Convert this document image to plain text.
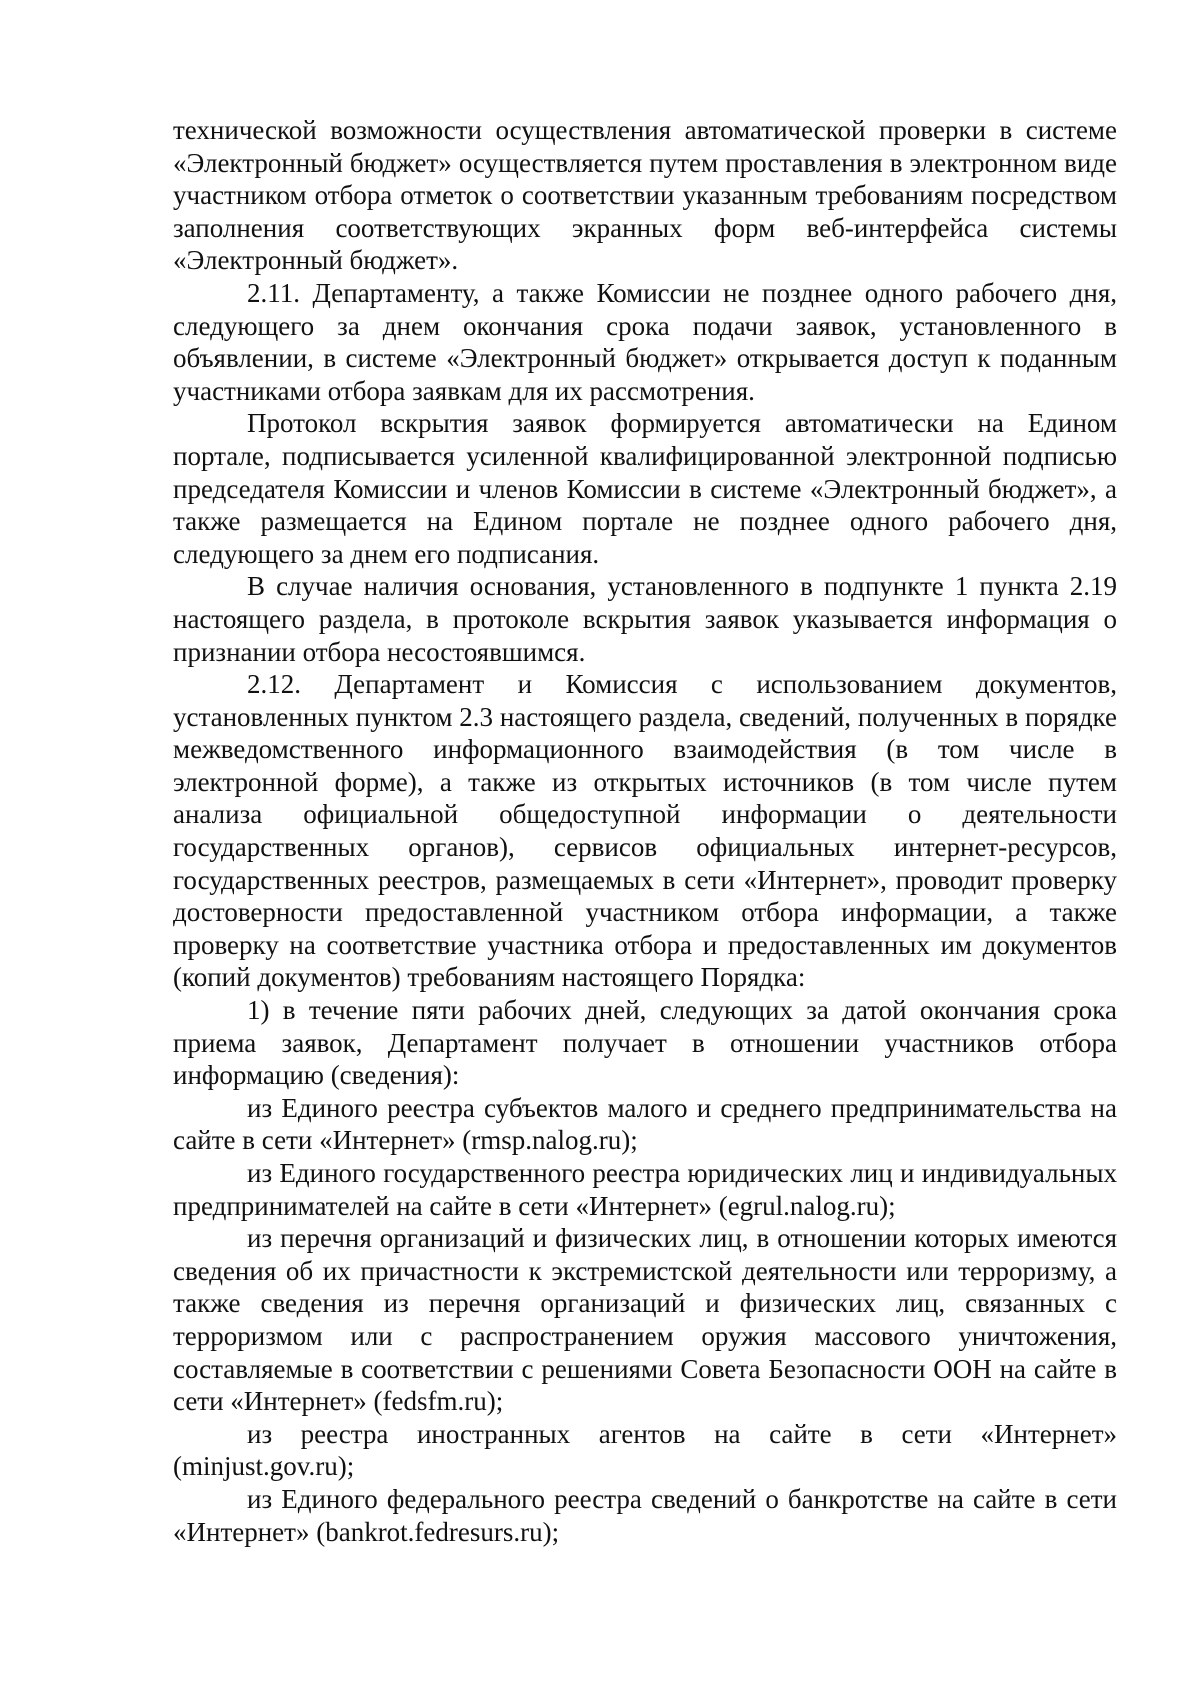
технической возможности осуществления автоматической проверки в системе «Электронный бюджет» осуществляется путем проставления в электронном виде участником отбора отметок о соответствии указанным требованиям посредством заполнения соответствующих экранных форм веб-интерфейса системы «Электронный бюджет».

2.11. Департаменту, а также Комиссии не позднее одного рабочего дня, следующего за днем окончания срока подачи заявок, установленного в объявлении, в системе «Электронный бюджет» открывается доступ к поданным участниками отбора заявкам для их рассмотрения.

Протокол вскрытия заявок формируется автоматически на Едином портале, подписывается усиленной квалифицированной электронной подписью председателя Комиссии и членов Комиссии в системе «Электронный бюджет», а также размещается на Едином портале не позднее одного рабочего дня, следующего за днем его подписания.

В случае наличия основания, установленного в подпункте 1 пункта 2.19 настоящего раздела, в протоколе вскрытия заявок указывается информация о признании отбора несостоявшимся.

2.12. Департамент и Комиссия с использованием документов, установленных пунктом 2.3 настоящего раздела, сведений, полученных в порядке межведомственного информационного взаимодействия (в том числе в электронной форме), а также из открытых источников (в том числе путем анализа официальной общедоступной информации о деятельности государственных органов), сервисов официальных интернет-ресурсов, государственных реестров, размещаемых в сети «Интернет», проводит проверку достоверности предоставленной участником отбора информации, а также проверку на соответствие участника отбора и предоставленных им документов (копий документов) требованиям настоящего Порядка:

1) в течение пяти рабочих дней, следующих за датой окончания срока приема заявок, Департамент получает в отношении участников отбора информацию (сведения):

из Единого реестра субъектов малого и среднего предпринимательства на сайте в сети «Интернет» (rmsp.nalog.ru);

из Единого государственного реестра юридических лиц и индивидуальных предпринимателей на сайте в сети «Интернет» (egrul.nalog.ru);

из перечня организаций и физических лиц, в отношении которых имеются сведения об их причастности к экстремистской деятельности или терроризму, а также сведения из перечня организаций и физических лиц, связанных с терроризмом или с распространением оружия массового уничтожения, составляемые в соответствии с решениями Совета Безопасности ООН на сайте в сети «Интернет» (fedsfm.ru);

из реестра иностранных агентов на сайте в сети «Интернет» (minjust.gov.ru);

из Единого федерального реестра сведений о банкротстве на сайте в сети «Интернет» (bankrot.fedresurs.ru);
